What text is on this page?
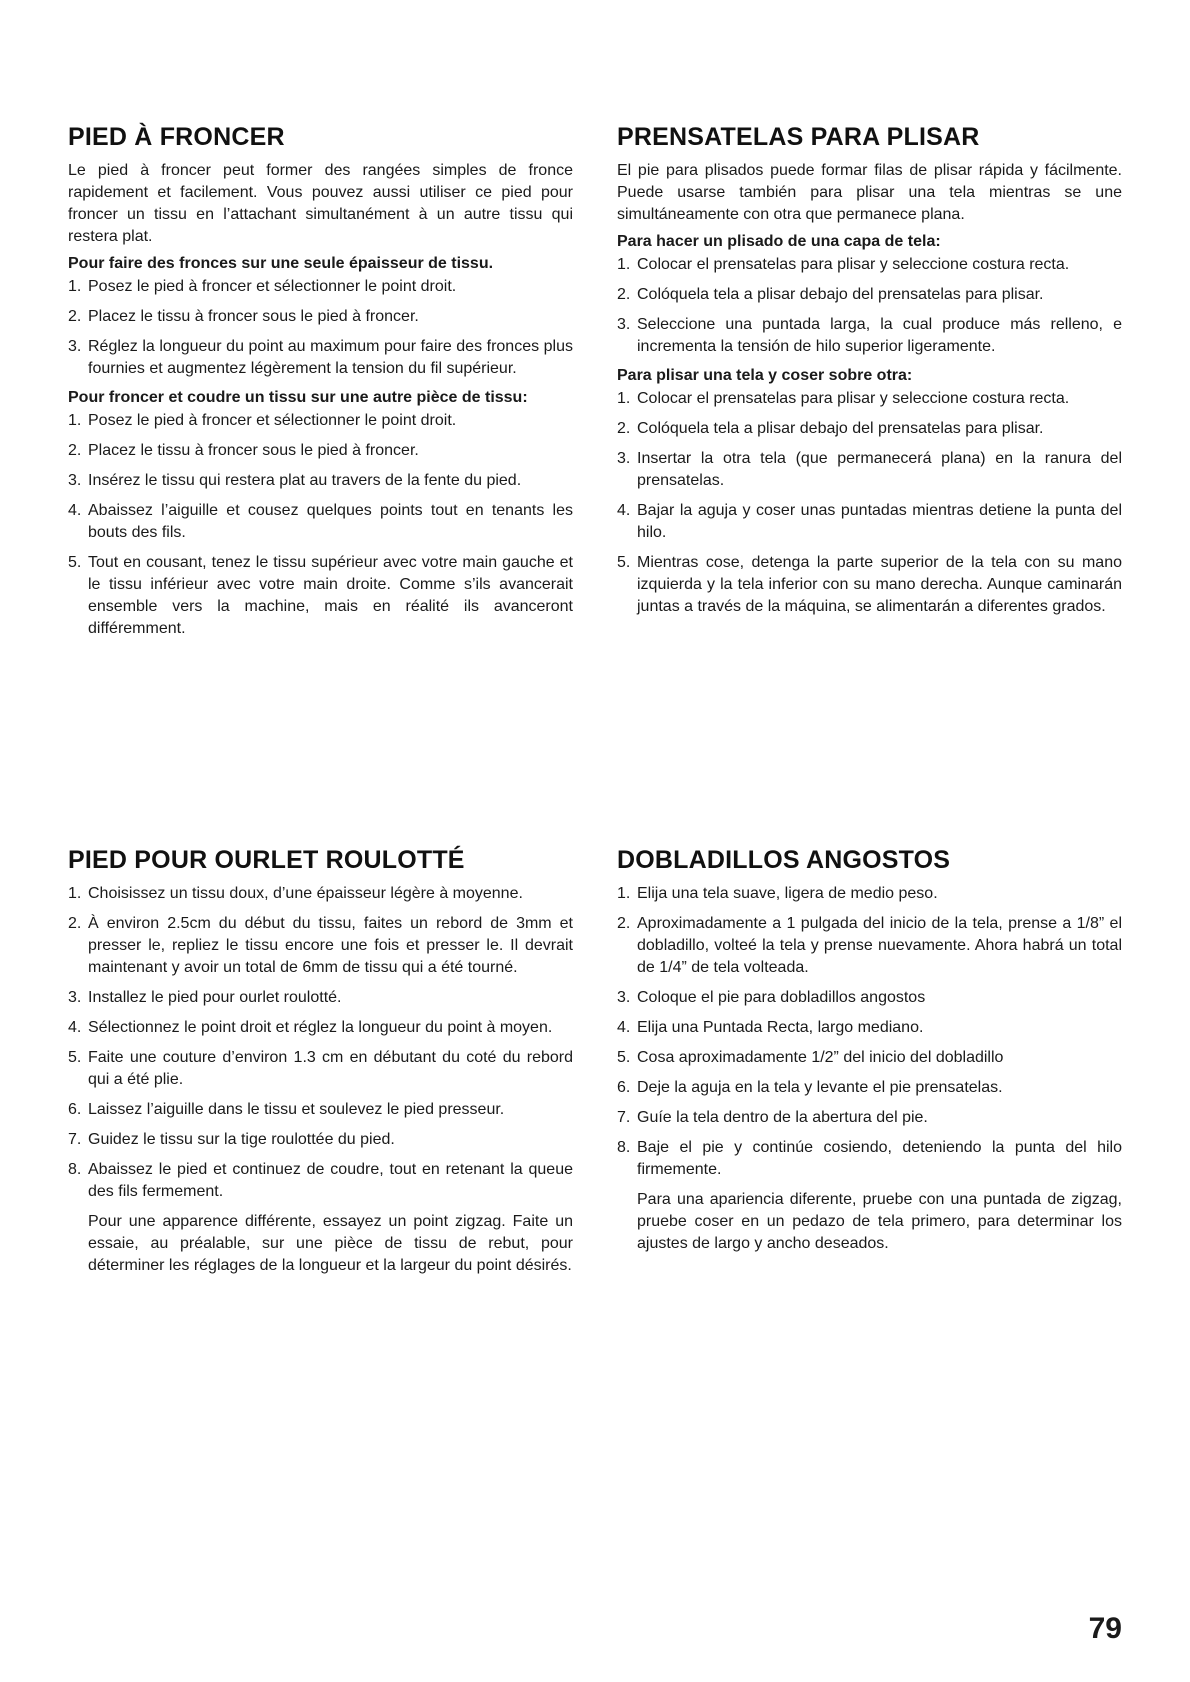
PIED À FRONCER

Le pied à froncer peut former des rangées simples de fronce rapidement et facilement. Vous pouvez aussi utiliser ce pied pour froncer un tissu en l’attachant simultanément à un autre tissu qui restera plat.

Pour faire des fronces sur une seule épaisseur de tissu.

1. Posez le pied à froncer et sélectionner le point droit.
2. Placez le tissu à froncer sous le pied à froncer.
3. Réglez la longueur du point au maximum pour faire des fronces plus fournies et augmentez légèrement la tension du fil supérieur.

Pour froncer et coudre un tissu sur une autre pièce de tissu:

1. Posez le pied à froncer et sélectionner le point droit.
2. Placez le tissu à froncer sous le pied à froncer.
3. Insérez le tissu qui restera plat au travers de la fente du pied.
4. Abaissez l’aiguille et cousez quelques points tout en tenants les bouts des fils.
5. Tout en cousant, tenez le tissu supérieur avec votre main gauche et le tissu inférieur avec votre main droite. Comme s’ils avancerait ensemble vers la machine, mais en réalité ils avanceront différemment.
PRENSATELAS PARA PLISAR

El pie para plisados puede formar filas de plisar rápida y fácilmente. Puede usarse también para plisar una tela mientras se une simultáneamente con otra que permanece plana.

Para hacer un plisado de una capa de tela:

1. Colocar el prensatelas para plisar y seleccione costura recta.
2. Colóquela tela a plisar debajo del prensatelas para plisar.
3. Seleccione una puntada larga, la cual produce más relleno, e incrementa la tensión de hilo superior ligeramente.

Para plisar una tela y coser sobre otra:

1. Colocar el prensatelas para plisar y seleccione costura recta.
2. Colóquela tela a plisar debajo del prensatelas para plisar.
3. Insertar la otra tela (que permanecerá plana) en la ranura del prensatelas.
4. Bajar la aguja y coser unas puntadas mientras detiene la punta del hilo.
5. Mientras cose, detenga la parte superior de la tela con su mano izquierda y la tela inferior con su mano derecha. Aunque caminarán juntas a través de la máquina, se alimentarán a diferentes grados.
PIED POUR OURLET ROULOTTÉ
1. Choisissez un tissu doux, d’une épaisseur légère à moyenne.
2. À environ 2.5cm du début du tissu, faites un rebord de 3mm et presser le, repliez le tissu encore une fois et presser le. Il devrait maintenant y avoir un total de 6mm de tissu qui a été tourné.
3. Installez le pied pour ourlet roulotté.
4. Sélectionnez le point droit et réglez la longueur du point à moyen.
5. Faite une couture d’environ 1.3 cm en débutant du coté du rebord qui a été plie.
6. Laissez l’aiguille dans le tissu et soulevez le pied presseur.
7. Guidez le tissu sur la tige roulottée du pied.
8. Abaissez le pied et continuez de coudre, tout en retenant la queue des fils fermement.

Pour une apparence différente, essayez un point zigzag. Faite un essaie, au préalable, sur une pièce de tissu de rebut, pour déterminer les réglages de la longueur et la largeur du point désirés.

DOBLADILLOS ANGOSTOS
1. Elija una tela suave, ligera de medio peso.
2. Aproximadamente a 1 pulgada del inicio de la tela, prense a 1/8” el dobladillo, volteé la tela y prense nuevamente. Ahora habrá un total de 1/4” de tela volteada.
3. Coloque el pie para dobladillos angostos
4. Elija una Puntada Recta, largo mediano.
5. Cosa aproximadamente 1/2” del inicio del dobladillo
6. Deje la aguja en la tela y levante el pie prensatelas.
7. Guíe la tela dentro de la abertura del pie.
8. Baje el pie y continúe cosiendo, deteniendo la punta del hilo firmemente.

Para una apariencia diferente, pruebe con una puntada de zigzag, pruebe coser en un pedazo de tela primero, para determinar los ajustes de largo y ancho deseados.

79
